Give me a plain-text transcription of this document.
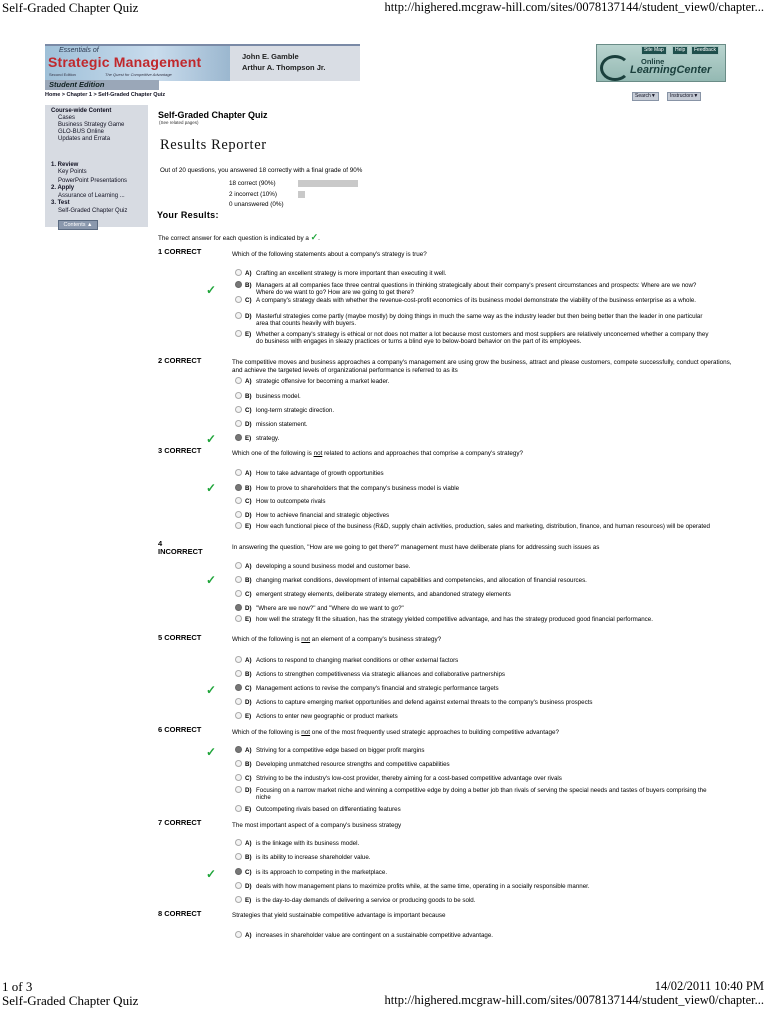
Self-Graded Chapter Quiz	http://highered.mcgraw-hill.com/sites/0078137144/student_view0/chapter...
Essentials of
Strategic Management
Second Edition	The Quest for Competitive Advantage
John E. Gamble
Arthur A. Thompson Jr.
Student Edition
Home > Chapter 1 > Self-Graded Chapter Quiz
Site Map	Help	Feedback
Online
LearningCenter
Search▼	Instructors▼
Course-wide Content
Cases
Business Strategy Game
GLO-BUS Online
Updates and Errata
1. Review
Key Points
PowerPoint Presentations
2. Apply
Assurance of Learning ...
3. Test
Self-Graded Chapter Quiz
Contents ▲
Self-Graded Chapter Quiz
(See related pages)
Results Reporter
Out of 20 questions, you answered 18 correctly with a final grade of 90%
18 correct (90%)
2 incorrect (10%)
0 unanswered (0%)
Your Results:
The correct answer for each question is indicated by a ✓.
1 CORRECT	Which of the following statements about a company's strategy is true?
A) Crafting an excellent strategy is more important than executing it well.
B) Managers at all companies face three central questions in thinking strategically about their company's present circumstances and prospects: Where are we now? Where do we want to go? How are we going to get there?
✓
C) A company's strategy deals with whether the revenue-cost-profit economics of its business model demonstrate the viability of the business enterprise as a whole.
D) Masterful strategies come partly (maybe mostly) by doing things in much the same way as the industry leader but then being better than the leader in one particular area that counts heavily with buyers.
E) Whether a company's strategy is ethical or not does not matter a lot because most customers and most suppliers are relatively unconcerned whether a company they do business with engages in sleazy practices or turns a blind eye to below-board behavior on the part of its employees.
2 CORRECT	The competitive moves and business approaches a company's management are using grow the business, attract and please customers, compete successfully, conduct operations, and achieve the targeted levels of organizational performance is referred to as its
A) strategic offensive for becoming a market leader.
B) business model.
C) long-term strategic direction.
D) mission statement.
E) strategy.
✓
3 CORRECT	Which one of the following is not related to actions and approaches that comprise a company's strategy?
A) How to take advantage of growth opportunities
B) How to prove to shareholders that the company's business model is viable
✓
C) How to outcompete rivals
D) How to achieve financial and strategic objectives
E) How each functional piece of the business (R&D, supply chain activities, production, sales and marketing, distribution, finance, and human resources) will be operated
4
INCORRECT	In answering the question, "How are we going to get there?" management must have deliberate plans for addressing such issues as
A) developing a sound business model and customer base.
B) changing market conditions, development of internal capabilities and competencies, and allocation of financial resources.
✓
C) emergent strategy elements, deliberate strategy elements, and abandoned strategy elements
D) "Where are we now?" and "Where do we want to go?"
E) how well the strategy fit the situation, has the strategy yielded competitive advantage, and has the strategy produced good financial performance.
5 CORRECT	Which of the following is not an element of a company's business strategy?
A) Actions to respond to changing market conditions or other external factors
B) Actions to strengthen competitiveness via strategic alliances and collaborative partnerships
C) Management actions to revise the company's financial and strategic performance targets
✓
D) Actions to capture emerging market opportunities and defend against external threats to the company's business prospects
E) Actions to enter new geographic or product markets
6 CORRECT	Which of the following is not one of the most frequently used strategic approaches to building competitive advantage?
A) Striving for a competitive edge based on bigger profit margins
✓
B) Developing unmatched resource strengths and competitive capabilities
C) Striving to be the industry's low-cost provider, thereby aiming for a cost-based competitive advantage over rivals
D) Focusing on a narrow market niche and winning a competitive edge by doing a better job than rivals of serving the special needs and tastes of buyers comprising the niche
E) Outcompeting rivals based on differentiating features
7 CORRECT	The most important aspect of a company's business strategy
A) is the linkage with its business model.
B) is its ability to increase shareholder value.
C) is its approach to competing in the marketplace.
✓
D) deals with how management plans to maximize profits while, at the same time, operating in a socially responsible manner.
E) is the day-to-day demands of delivering a service or producing goods to be sold.
8 CORRECT	Strategies that yield sustainable competitive advantage is important because
A) increases in shareholder value are contingent on a sustainable competitive advantage.
1 of 3	14/02/2011 10:40 PM
Self-Graded Chapter Quiz	http://highered.mcgraw-hill.com/sites/0078137144/student_view0/chapter...
